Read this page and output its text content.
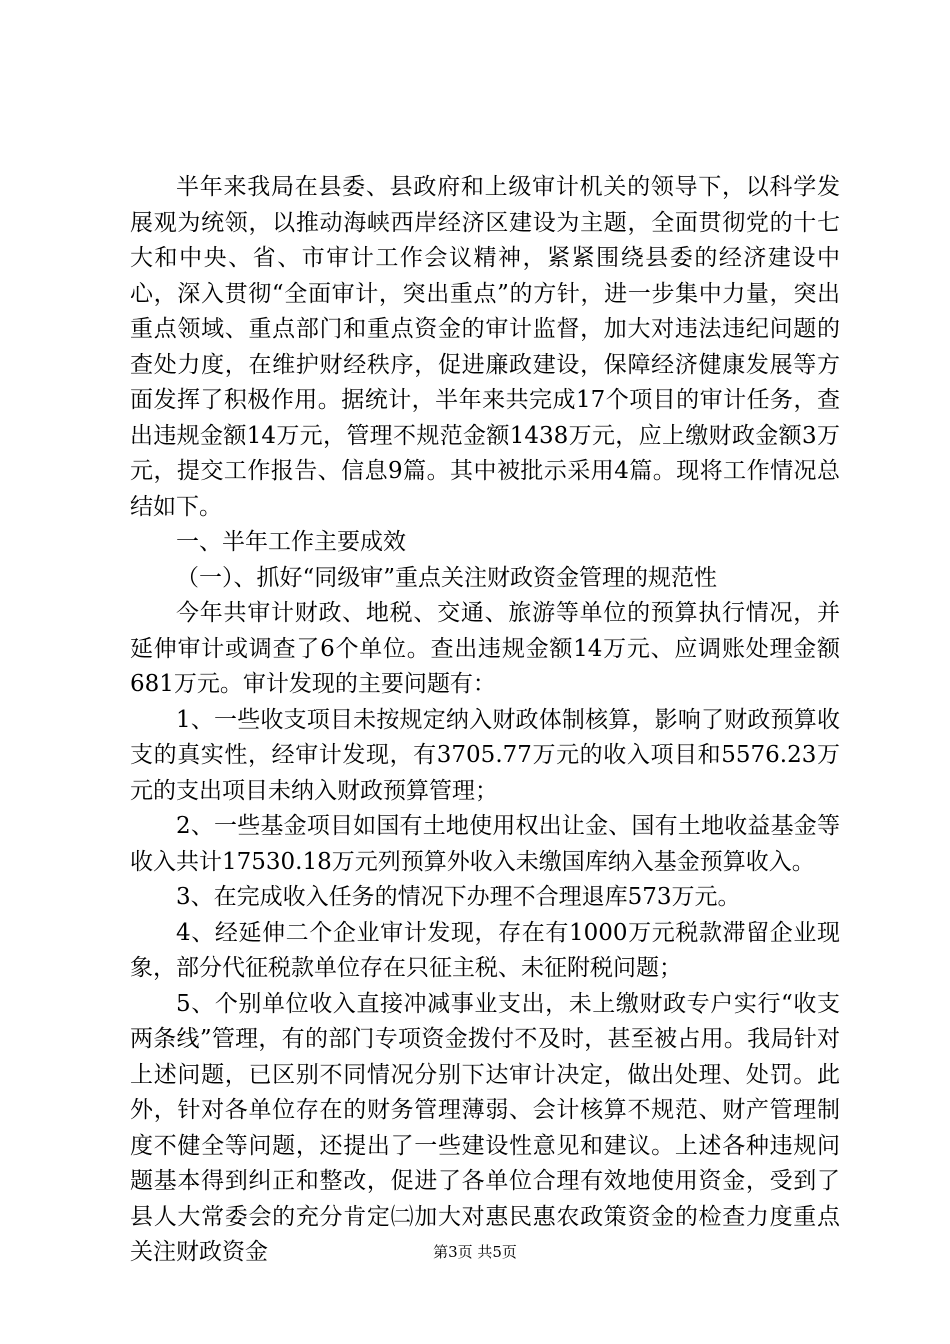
半年来我局在县委、县政府和上级审计机关的领导下，以科学发展观为统领，以推动海峡西岸经济区建设为主题，全面贯彻党的十七大和中央、省、市审计工作会议精神，紧紧围绕县委的经济建设中心，深入贯彻“全面审计，突出重点”的方针，进一步集中力量，突出重点领域、重点部门和重点资金的审计监督，加大对违法违纪问题的查处力度，在维护财经秩序，促进廉政建设，保障经济健康发展等方面发挥了积极作用。据统计，半年来共完成17个项目的审计任务，查出违规金额14万元，管理不规范金额1438万元，应上缴财政金额3万元，提交工作报告、信息9篇。其中被批示采用4篇。现将工作情况总结如下。

一、半年工作主要成效

（一）、抓好“同级审”重点关注财政资金管理的规范性

今年共审计财政、地税、交通、旅游等单位的预算执行情况，并延伸审计或调查了6个单位。查出违规金额14万元、应调账处理金额681万元。审计发现的主要问题有：

1、一些收支项目未按规定纳入财政体制核算，影响了财政预算收支的真实性，经审计发现，有3705.77万元的收入项目和5576.23万元的支出项目未纳入财政预算管理；

2、一些基金项目如国有土地使用权出让金、国有土地收益基金等收入共计17530.18万元列预算外收入未缴国库纳入基金预算收入。

3、在完成收入任务的情况下办理不合理退库573万元。

4、经延伸二个企业审计发现，存在有1000万元税款滞留企业现象，部分代征税款单位存在只征主税、未征附税问题；

5、个别单位收入直接冲减事业支出，未上缴财政专户实行“收支两条线”管理，有的部门专项资金拨付不及时，甚至被占用。我局针对上述问题，已区别不同情况分别下达审计决定，做出处理、处罚。此外，针对各单位存在的财务管理薄弱、会计核算不规范、财产管理制度不健全等问题，还提出了一些建设性意见和建议。上述各种违规问题基本得到纠正和整改，促进了各单位合理有效地使用资金，受到了县人大常委会的充分肯定㈡加大对惠民惠农政策资金的检查力度重点关注财政资金	第3页 共5页
